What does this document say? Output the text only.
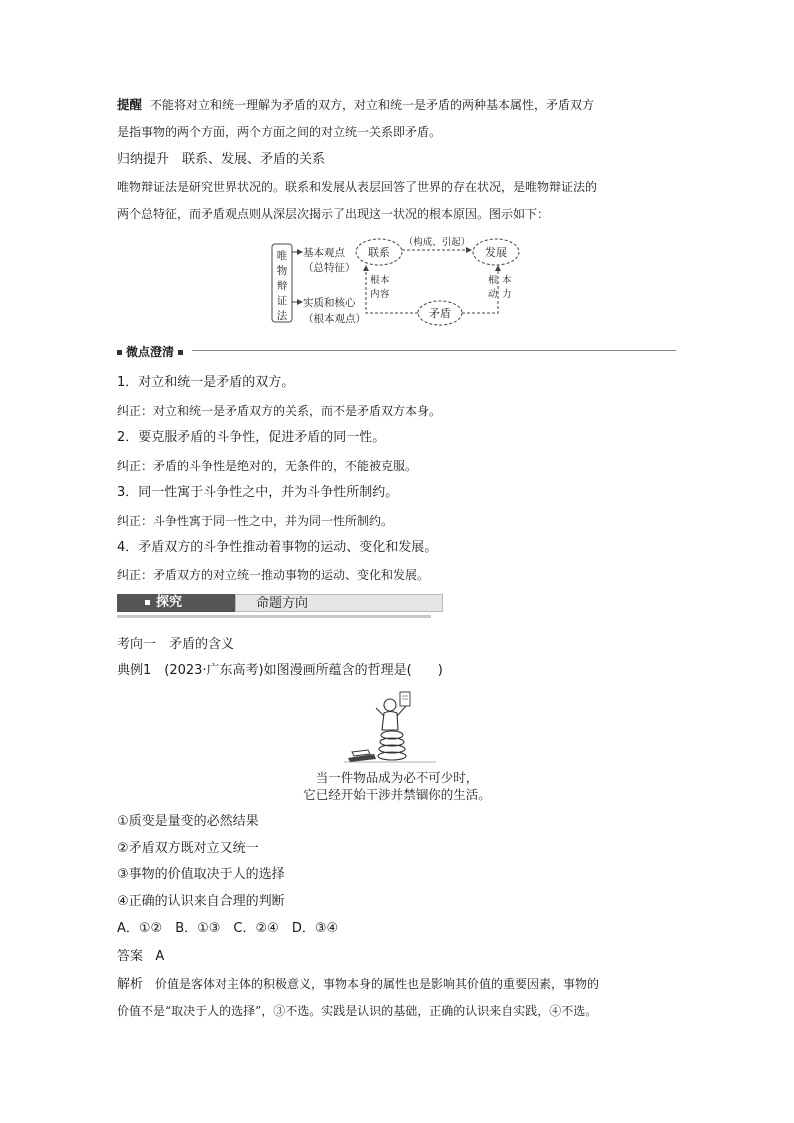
提醒 不能将对立和统一理解为矛盾的双方，对立和统一是矛盾的两种基本属性，矛盾双方
是指事物的两个方面，两个方面之间的对立统一关系即矛盾。
归纳提升　联系、发展、矛盾的关系
唯物辩证法是研究世界状况的。联系和发展从表层回答了世界的存在状况，是唯物辩证法的
两个总特征，而矛盾观点则从深层次揭示了出现这一状况的根本原因。图示如下：
唯
物
辩
证
法
基本观点
（总特征）
实质和核心
（根本观点）
联系	发展
矛盾
（构成、引起）
根 本
内 容
根 本
动 力
微点澄清
1．对立和统一是矛盾的双方。
纠正：对立和统一是矛盾双方的关系，而不是矛盾双方本身。
2．要克服矛盾的斗争性，促进矛盾的同一性。
纠正：矛盾的斗争性是绝对的，无条件的，不能被克服。
3．同一性寓于斗争性之中，并为斗争性所制约。
纠正：斗争性寓于同一性之中，并为同一性所制约。
4．矛盾双方的斗争性推动着事物的运动、变化和发展。
纠正：矛盾双方的对立统一推动事物的运动、变化和发展。
探究	命题方向
考向一　矛盾的含义
典例1　(2023·广东高考)如图漫画所蕴含的哲理是(　　)
当一件物品成为必不可少时，
它已经开始干涉并禁锢你的生活。
①质变是量变的必然结果
②矛盾双方既对立又统一
③事物的价值取决于人的选择
④正确的认识来自合理的判断
A．①②　B．①③　C．②④　D．③④
答案 A
解析 价值是客体对主体的积极意义，事物本身的属性也是影响其价值的重要因素，事物的
价值不是“取决于人的选择”，③不选。实践是认识的基础，正确的认识来自实践，④不选。
